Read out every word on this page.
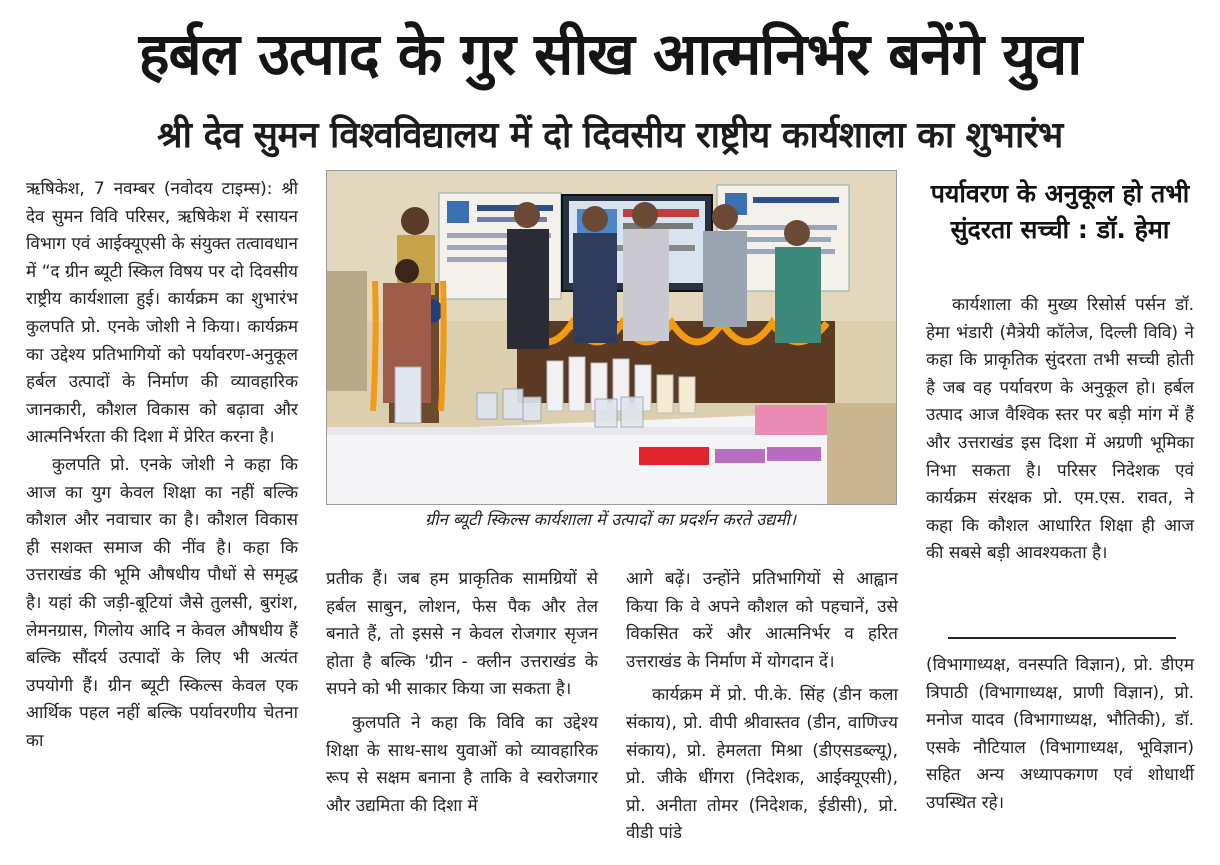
हर्बल उत्पाद के गुर सीख आत्मनिर्भर बनेंगे युवा
श्री देव सुमन विश्वविद्यालय में दो दिवसीय राष्ट्रीय कार्यशाला का शुभारंभ

ऋषिकेश, 7 नवम्बर (नवोदय टाइम्स): श्री देव सुमन विवि परिसर, ऋषिकेश में रसायन विभाग एवं आईक्यूएसी के संयुक्त तत्वावधान में “द ग्रीन ब्यूटी स्किल विषय पर दो दिवसीय राष्ट्रीय कार्यशाला हुई। कार्यक्रम का शुभारंभ कुलपति प्रो. एनके जोशी ने किया। कार्यक्रम का उद्देश्य प्रतिभागियों को पर्यावरण-अनुकूल हर्बल उत्पादों के निर्माण की व्यावहारिक जानकारी, कौशल विकास को बढ़ावा और आत्मनिर्भरता की दिशा में प्रेरित करना है।

कुलपति प्रो. एनके जोशी ने कहा कि आज का युग केवल शिक्षा का नहीं बल्कि कौशल और नवाचार का है। कौशल विकास ही सशक्त समाज की नींव है। कहा कि उत्तराखंड की भूमि औषधीय पौधों से समृद्ध है। यहां की जड़ी-बूटियां जैसे तुलसी, बुरांश, लेमनग्रास, गिलोय आदि न केवल औषधीय हैं बल्कि सौंदर्य उत्पादों के लिए भी अत्यंत उपयोगी हैं। ग्रीन ब्यूटी स्किल्स केवल एक आर्थिक पहल नहीं बल्कि पर्यावरणीय चेतना का

ग्रीन ब्यूटी स्किल्स कार्यशाला में उत्पादों का प्रदर्शन करते उद्यमी।

प्रतीक हैं। जब हम प्राकृतिक सामग्रियों से हर्बल साबुन, लोशन, फेस पैक और तेल बनाते हैं, तो इससे न केवल रोजगार सृजन होता है बल्कि 'ग्रीन - क्लीन उत्तराखंड के सपने को भी साकार किया जा सकता है।

कुलपति ने कहा कि विवि का उद्देश्य शिक्षा के साथ-साथ युवाओं को व्यावहारिक रूप से सक्षम बनाना है ताकि वे स्वरोजगार और उद्यमिता की दिशा में

आगे बढ़ें। उन्होंने प्रतिभागियों से आह्वान किया कि वे अपने कौशल को पहचानें, उसे विकसित करें और आत्मनिर्भर व हरित उत्तराखंड के निर्माण में योगदान दें।

कार्यक्रम में प्रो. पी.के. सिंह (डीन कला संकाय), प्रो. वीपी श्रीवास्तव (डीन, वाणिज्य संकाय), प्रो. हेमलता मिश्रा (डीएसडब्ल्यू), प्रो. जीके धींगरा (निदेशक, आईक्यूएसी), प्रो. अनीता तोमर (निदेशक, ईडीसी), प्रो. वीडी पांडे

पर्यावरण के अनुकूल हो तभी सुंदरता सच्ची : डॉ. हेमा

कार्यशाला की मुख्य रिसोर्स पर्सन डॉ. हेमा भंडारी (मैत्रेयी कॉलेज, दिल्ली विवि) ने कहा कि प्राकृतिक सुंदरता तभी सच्ची होती है जब वह पर्यावरण के अनुकूल हो। हर्बल उत्पाद आज वैश्विक स्तर पर बड़ी मांग में हैं और उत्तराखंड इस दिशा में अग्रणी भूमिका निभा सकता है। परिसर निदेशक एवं कार्यक्रम संरक्षक प्रो. एम.एस. रावत, ने कहा कि कौशल आधारित शिक्षा ही आज की सबसे बड़ी आवश्यकता है।

(विभागाध्यक्ष, वनस्पति विज्ञान), प्रो. डीएम त्रिपाठी (विभागाध्यक्ष, प्राणी विज्ञान), प्रो. मनोज यादव (विभागाध्यक्ष, भौतिकी), डॉ. एसके नौटियाल (विभागाध्यक्ष, भूविज्ञान) सहित अन्य अध्यापकगण एवं शोधार्थी उपस्थित रहे।
